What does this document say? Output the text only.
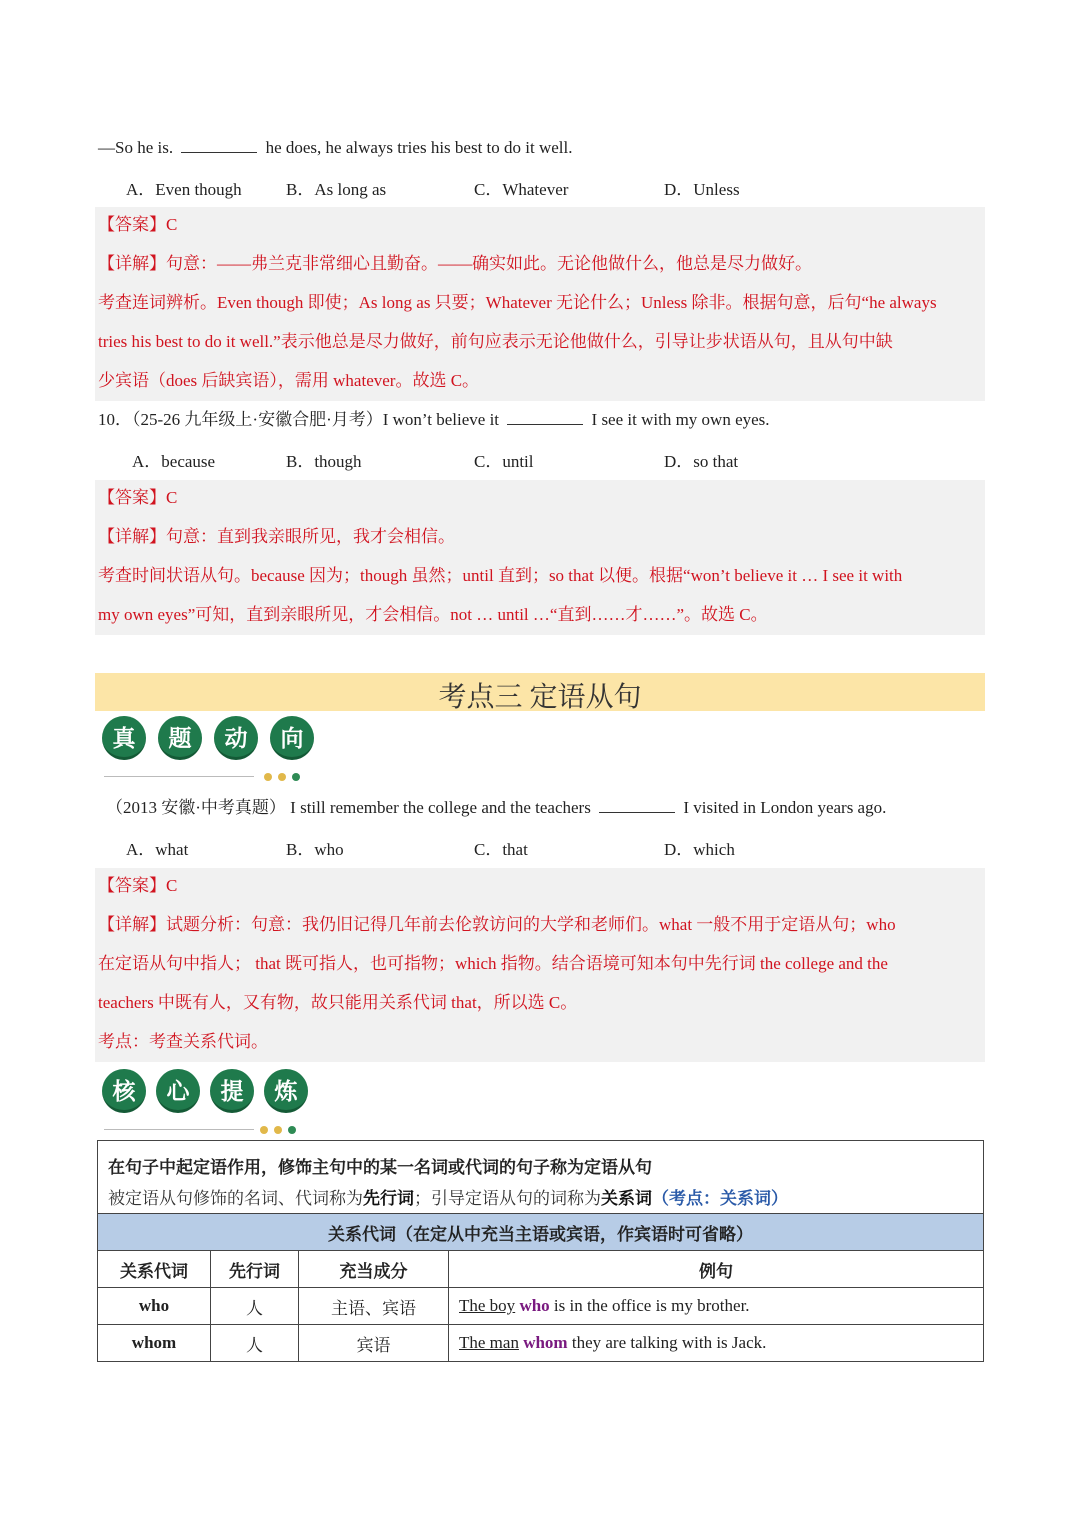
—So he is.	he does, he always tries his best to do it well.
A．Even though	B．As long as	C．Whatever	D．Unless
【答案】C
【详解】句意：——弗兰克非常细心且勤奋。——确实如此。无论他做什么，他总是尽力做好。
考查连词辨析。Even though 即使；As long as 只要；Whatever 无论什么；Unless 除非。根据句意，后句“he always
tries his best to do it well.”表示他总是尽力做好，前句应表示无论他做什么，引导让步状语从句，且从句中缺
少宾语（does 后缺宾语），需用 whatever。故选 C。
10．（25-26 九年级上·安徽合肥·月考）I won’t believe it	I see it with my own eyes.
A．because	B．though	C．until	D．so that
【答案】C
【详解】句意：直到我亲眼所见，我才会相信。
考查时间状语从句。because 因为；though 虽然；until 直到；so that 以便。根据“won’t believe it … I see it with
my own eyes”可知，直到亲眼所见，才会相信。not … until …“直到……才……”。故选 C。
考点三 定语从句
真	题	动	向
（2013 安徽·中考真题） I still remember the college and the teachers	I visited in London years ago.
A．what	B．who	C．that	D．which
【答案】C
【详解】试题分析：句意：我仍旧记得几年前去伦敦访问的大学和老师们。what 一般不用于定语从句；who
在定语从句中指人； that 既可指人，也可指物；which 指物。结合语境可知本句中先行词 the college and the
teachers 中既有人，又有物，故只能用关系代词 that，所以选 C。
考点：考查关系代词。
核	心	提	炼
在句子中起定语作用，修饰主句中的某一名词或代词的句子称为定语从句
被定语从句修饰的名词、代词称为先行词；引导定语从句的词称为关系词（考点：关系词）			

关系代词（在定从中充当主语或宾语，作宾语时可省略）			
关系代词	先行词	充当成分	例句
who	人	主语、宾语	The boy who is in the office is my brother.
whom	人	宾语	The man whom they are talking with is Jack.
